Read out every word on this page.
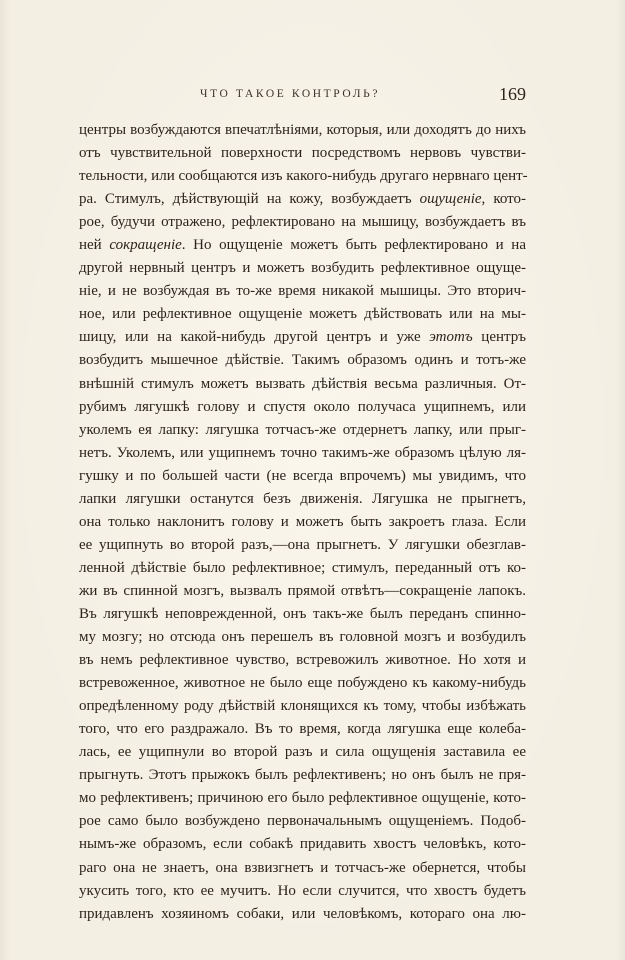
ЧТО ТАКОЕ КОНТРОЛЬ?	169
центры возбуждаются впечатлѣніями, которыя, или доходятъ до нихъ
отъ чувствительной поверхности посредствомъ нервовъ чувстви-
тельности, или сообщаются изъ какого-нибудь другаго нервнаго цент-
ра. Стимулъ, дѣйствующій на кожу, возбуждаетъ ощущеніе, кото-
рое, будучи отражено, рефлектировано на мышицу, возбуждаетъ въ
ней сокращеніе. Но ощущеніе можетъ быть рефлектировано и на
другой нервный центръ и можетъ возбудить рефлективное ощуще-
ніе, и не возбуждая въ то-же время никакой мышицы. Это вторич-
ное, или рефлективное ощущеніе можетъ дѣйствовать или на мы-
шицу, или на какой-нибудь другой центръ и уже этотъ центръ
возбудитъ мышечное дѣйствіе. Такимъ образомъ одинъ и тотъ-же
внѣшній стимулъ можетъ вызвать дѣйствія весьма различныя. От-
рубимъ лягушкѣ голову и спустя около получаса ущипнемъ, или
уколемъ ея лапку: лягушка тотчасъ-же отдернетъ лапку, или прыг-
нетъ. Уколемъ, или ущипнемъ точно такимъ-же образомъ цѣлую ля-
гушку и по большей части (не всегда впрочемъ) мы увидимъ, что
лапки лягушки останутся безъ движенія. Лягушка не прыгнетъ,
она только наклонитъ голову и можетъ быть закроетъ глаза. Если
ее ущипнуть во второй разъ,—она прыгнетъ. У лягушки обезглав-
ленной дѣйствіе было рефлективное; стимулъ, переданный отъ ко-
жи въ спинной мозгъ, вызвалъ прямой отвѣтъ—сокращеніе лапокъ.
Въ лягушкѣ неповрежденной, онъ такъ-же былъ переданъ спинно-
му мозгу; но отсюда онъ перешелъ въ головной мозгъ и возбудилъ
въ немъ рефлективное чувство, встревожилъ животное. Но хотя и
встревоженное, животное не было еще побуждено къ какому-нибудь
опредѣленному роду дѣйствій клонящихся къ тому, чтобы избѣжать
того, что его раздражало. Въ то время, когда лягушка еще колеба-
лась, ее ущипнули во второй разъ и сила ощущенія заставила ее
прыгнуть. Этотъ прыжокъ былъ рефлективенъ; но онъ былъ не пря-
мо рефлективенъ; причиною его было рефлективное ощущеніе, кото-
рое само было возбуждено первоначальнымъ ощущеніемъ. Подоб-
нымъ-же образомъ, если собакѣ придавить хвостъ человѣкъ, кото-
раго она не знаетъ, она взвизгнетъ и тотчасъ-же обернется, чтобы
укусить того, кто ее мучитъ. Но если случится, что хвостъ будетъ
придавленъ хозяиномъ собаки, или человѣкомъ, котораго она лю-
